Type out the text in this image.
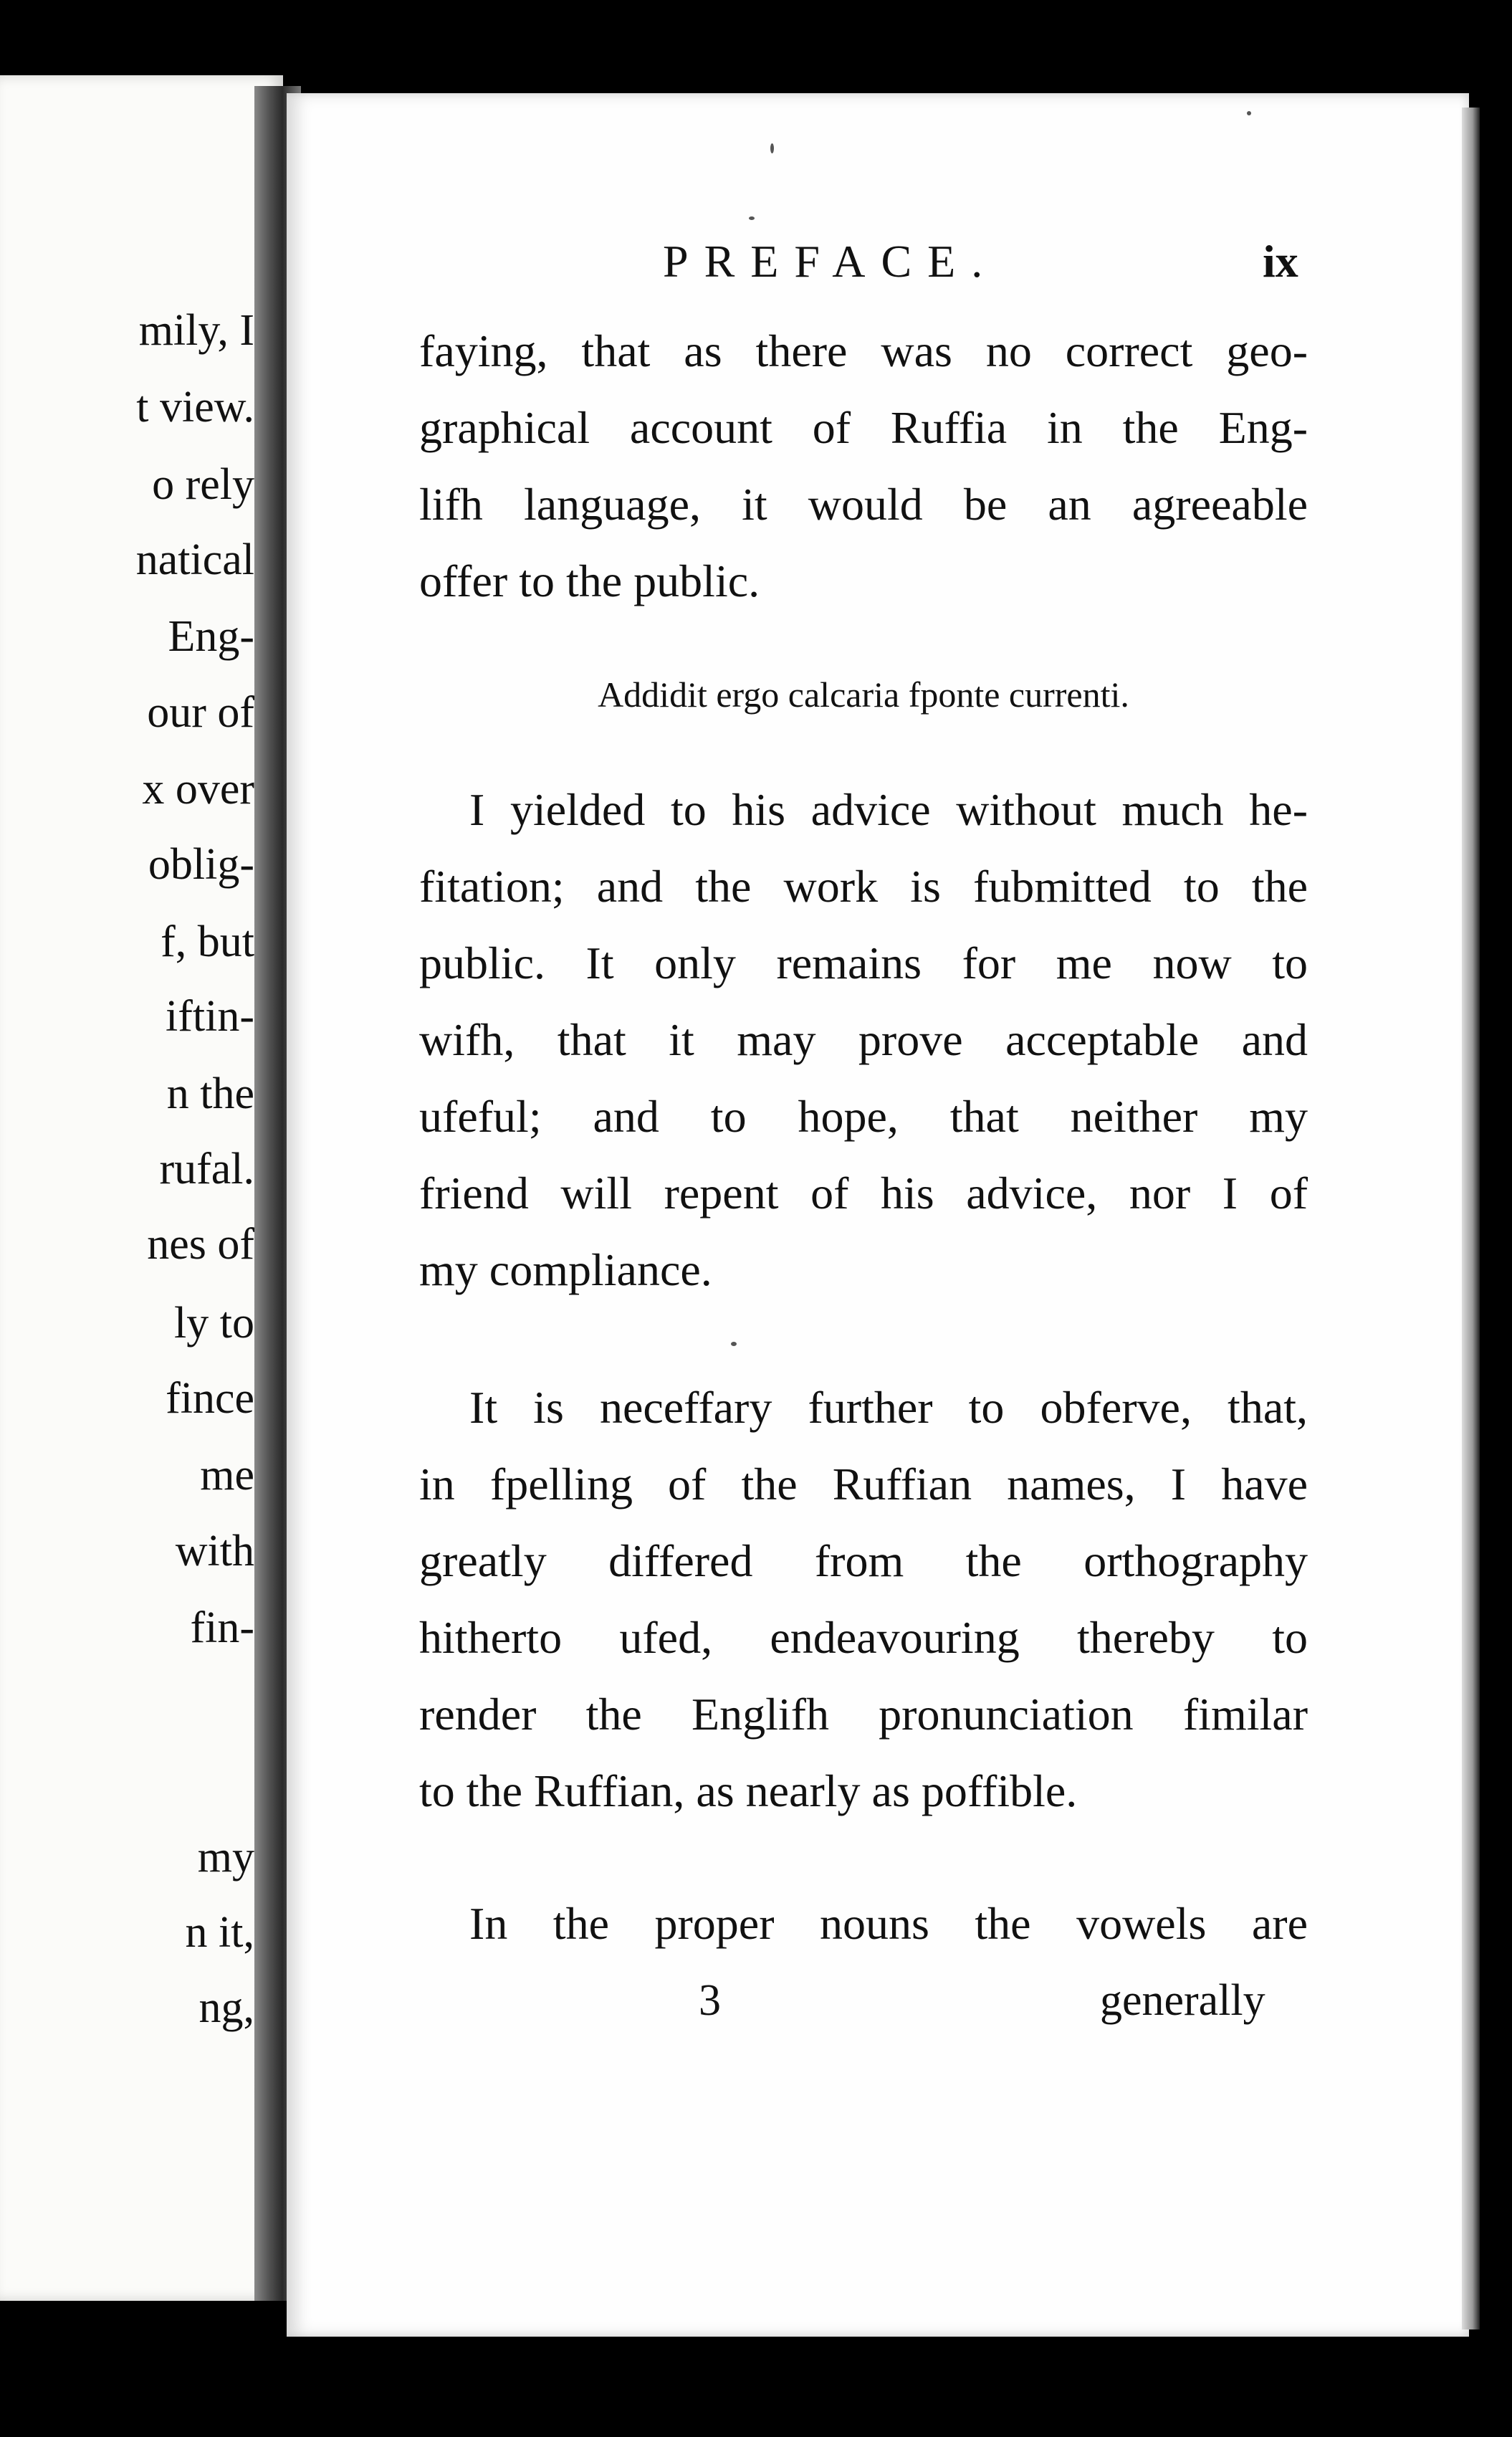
mily, I
t view.
o rely
natical
Eng-
our of
x over
oblig-
f, but
iftin-
n the
rufal.
nes of
ly to
fince
me
with
fin-
my
n it,
ng,
PREFACE.	ix
faying, that as there was no correct geo-
graphical account of Ruffia in the Eng-
lifh language, it would be an agreeable
offer to the public.
Addidit ergo calcaria fponte currenti.
I yielded to his advice without much he-
fitation; and the work is fubmitted to the
public. It only remains for me now to
wifh, that it may prove acceptable and
ufeful; and to hope, that neither my
friend will repent of his advice, nor I of
my compliance.
It is neceffary further to obferve, that,
in fpelling of the Ruffian names, I have
greatly differed from the orthography
hitherto ufed, endeavouring thereby to
render the Englifh pronunciation fimilar
to the Ruffian, as nearly as poffible.
In the proper nouns the vowels are
3	generally
